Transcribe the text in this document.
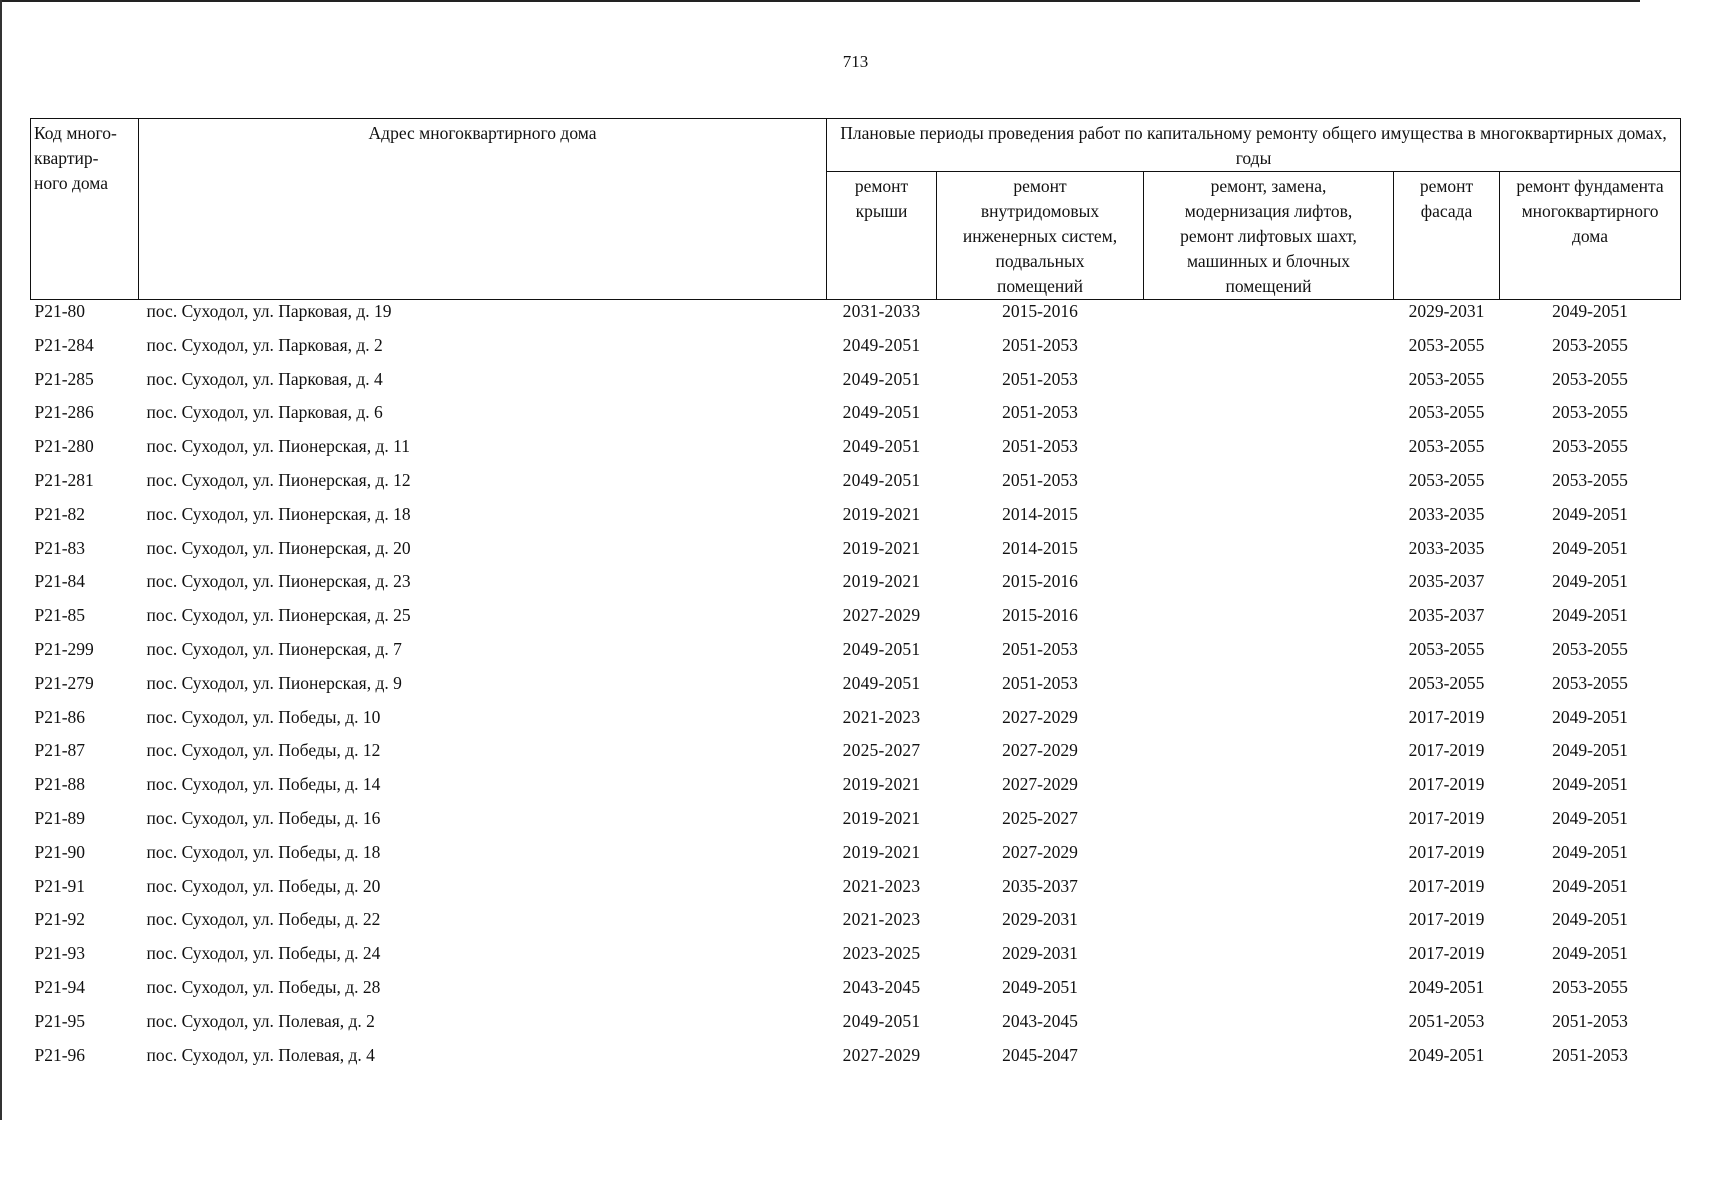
713
Код много-
квартир-
ного дома	Адрес многоквартирного дома	Плановые периоды проведения работ по капитальному ремонту общего имущества в многоквартирных домах, годы				
		ремонт
крыши	ремонт
внутридомовых
инженерных систем,
подвальных
помещений	ремонт, замена,
модернизация лифтов,
ремонт лифтовых шахт,
машинных и блочных
помещений	ремонт
фасада	ремонт фундамента
многоквартирного
дома
P21-80	пос. Суходол, ул. Парковая, д. 19	2031-2033	2015-2016		2029-2031	2049-2051
P21-284	пос. Суходол, ул. Парковая, д. 2	2049-2051	2051-2053		2053-2055	2053-2055
P21-285	пос. Суходол, ул. Парковая, д. 4	2049-2051	2051-2053		2053-2055	2053-2055
P21-286	пос. Суходол, ул. Парковая, д. 6	2049-2051	2051-2053		2053-2055	2053-2055
P21-280	пос. Суходол, ул. Пионерская, д. 11	2049-2051	2051-2053		2053-2055	2053-2055
P21-281	пос. Суходол, ул. Пионерская, д. 12	2049-2051	2051-2053		2053-2055	2053-2055
P21-82	пос. Суходол, ул. Пионерская, д. 18	2019-2021	2014-2015		2033-2035	2049-2051
P21-83	пос. Суходол, ул. Пионерская, д. 20	2019-2021	2014-2015		2033-2035	2049-2051
P21-84	пос. Суходол, ул. Пионерская, д. 23	2019-2021	2015-2016		2035-2037	2049-2051
P21-85	пос. Суходол, ул. Пионерская, д. 25	2027-2029	2015-2016		2035-2037	2049-2051
P21-299	пос. Суходол, ул. Пионерская, д. 7	2049-2051	2051-2053		2053-2055	2053-2055
P21-279	пос. Суходол, ул. Пионерская, д. 9	2049-2051	2051-2053		2053-2055	2053-2055
P21-86	пос. Суходол, ул. Победы, д. 10	2021-2023	2027-2029		2017-2019	2049-2051
P21-87	пос. Суходол, ул. Победы, д. 12	2025-2027	2027-2029		2017-2019	2049-2051
P21-88	пос. Суходол, ул. Победы, д. 14	2019-2021	2027-2029		2017-2019	2049-2051
P21-89	пос. Суходол, ул. Победы, д. 16	2019-2021	2025-2027		2017-2019	2049-2051
P21-90	пос. Суходол, ул. Победы, д. 18	2019-2021	2027-2029		2017-2019	2049-2051
P21-91	пос. Суходол, ул. Победы, д. 20	2021-2023	2035-2037		2017-2019	2049-2051
P21-92	пос. Суходол, ул. Победы, д. 22	2021-2023	2029-2031		2017-2019	2049-2051
P21-93	пос. Суходол, ул. Победы, д. 24	2023-2025	2029-2031		2017-2019	2049-2051
P21-94	пос. Суходол, ул. Победы, д. 28	2043-2045	2049-2051		2049-2051	2053-2055
P21-95	пос. Суходол, ул. Полевая, д. 2	2049-2051	2043-2045		2051-2053	2051-2053
P21-96	пос. Суходол, ул. Полевая, д. 4	2027-2029	2045-2047		2049-2051	2051-2053
